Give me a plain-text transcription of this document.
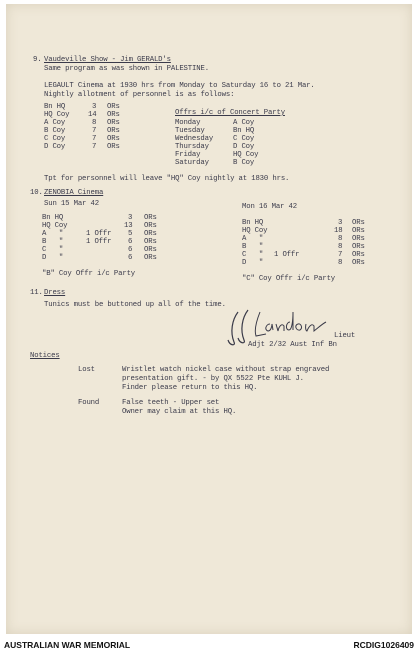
9. Vaudeville Show - Jim GERALD's
Same program as was shown in PALESTINE.
LEGAULT Cinema at 1930 hrs from Monday to Saturday 16 to 21 Mar.
Nightly allotment of personnel is as follows:
Bn HQ	3 ORs
HQ Coy	14 ORs
A Coy	8 ORs
B Coy	7 ORs
C Coy	7 ORs
D Coy	7 ORs
Offrs i/c of Concert Party
Monday	A Coy
Tuesday	Bn HQ
Wednesday	C Coy
Thursday	D Coy
Friday	HQ Coy
Saturday	B Coy
Tpt for personnel will leave "HQ" Coy nightly at 1830 hrs.
10. ZENOBIA Cinema
Sun 15 Mar 42
Bn HQ	3 ORs
HQ Coy	13 ORs
A   "	1 Offr 5 ORs
B   "	1 Offr 6 ORs
C   "	6 ORs
D   "	6 ORs
"B" Coy Offr i/c Party
Mon 16 Mar 42
Bn HQ	3 ORs
HQ Coy	18 ORs
A   "	8 ORs
B   "	8 ORs
C   " 1 Offr	7 ORs
D   "	8 ORs
"C" Coy Offr i/c Party
11. Dress
Tunics must be buttoned up all of the time.
Lieut
Adjt 2/32 Aust Inf Bn
Notices
Lost	Wristlet watch nickel case without strap engraved
presentation gift. - by QX 5522 Pte KUHL J.
Finder please return to this HQ.
Found	False teeth - Upper set
Owner may claim at this HQ.
AUSTRALIAN WAR MEMORIAL	RCDIG1026409
